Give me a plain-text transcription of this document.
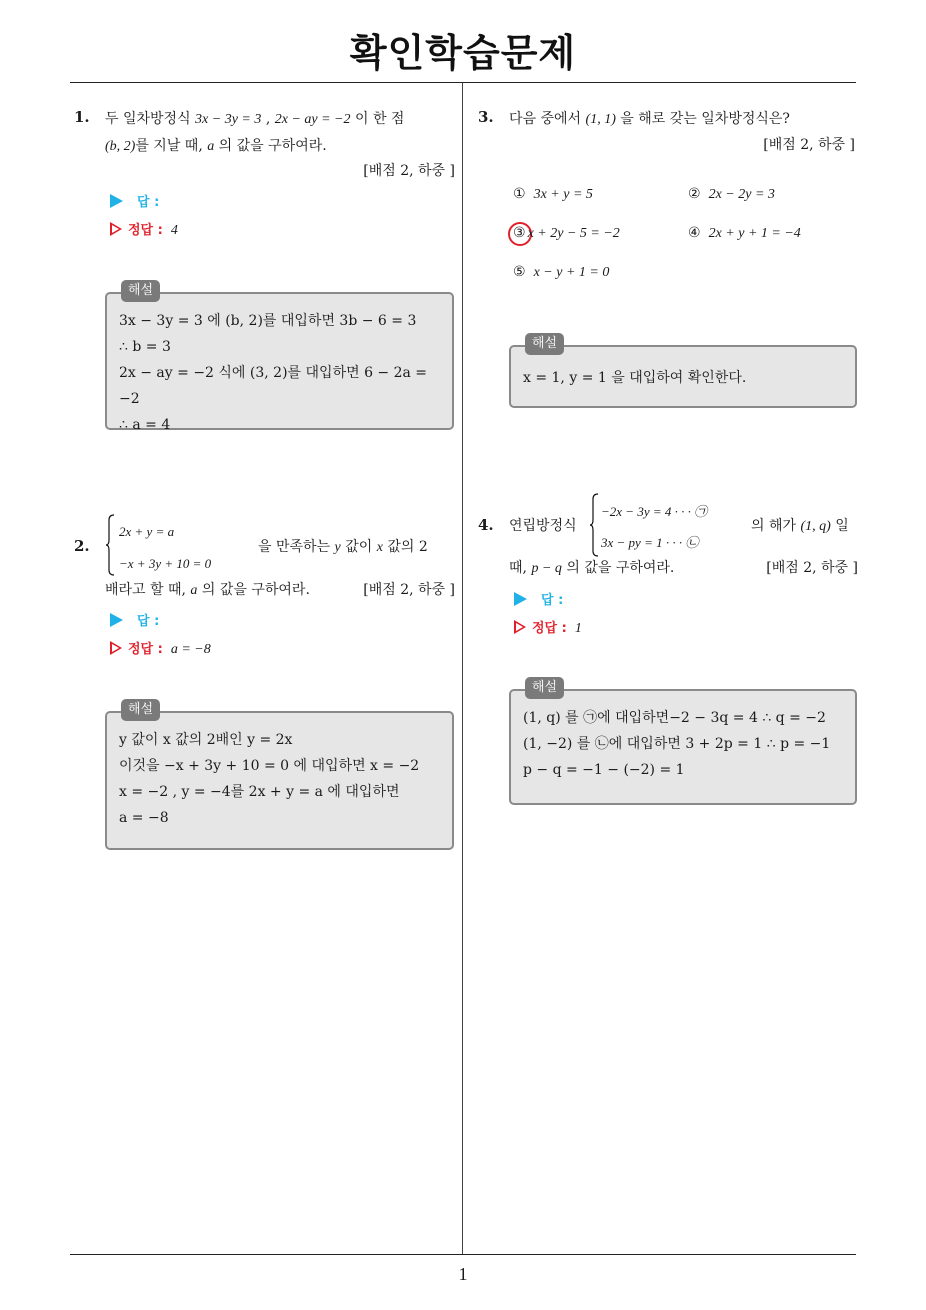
확인학습문제
1. 두 일차방정식 3x − 3y = 3 , 2x − ay = −2 이 한 점
(b, 2)를 지날 때, a 의 값을 구하여라.
[배점 2, 하중 ]
답 :
정답 : 4
해설
3x − 3y = 3 에 (b, 2)를 대입하면 3b − 6 = 3
∴ b = 3
2x − ay = −2 식에 (3, 2)를 대입하면 6 − 2a = −2
∴ a = 4
2.
2x + y = a
−x + 3y + 10 = 0
을 만족하는 y 값이 x 값의 2
배라고 할 때, a 의 값을 구하여라.	[배점 2, 하중 ]
답 :
정답 : a = −8
해설
y 값이 x 값의 2배인 y = 2x
이것을 −x + 3y + 10 = 0 에 대입하면 x = −2
x = −2 , y = −4를 2x + y = a 에 대입하면
a = −8
3. 다음 중에서 (1, 1) 을 해로 갖는 일차방정식은?
[배점 2, 하중 ]
① 3x + y = 5	② 2x − 2y = 3
③ x + 2y − 5 = −2	④ 2x + y + 1 = −4
⑤ x − y + 1 = 0
해설
x = 1, y = 1 을 대입하여 확인한다.
4. 연립방정식
−2x − 3y = 4 · · · ㉠
3x − py = 1 · · · ㉡
의 해가 (1, q) 일
때, p − q 의 값을 구하여라.	[배점 2, 하중 ]
답 :
정답 : 1
해설
(1, q) 를 ㉠에 대입하면−2 − 3q = 4 ∴ q = −2
(1, −2) 를 ㉡에 대입하면 3 + 2p = 1 ∴ p = −1
p − q = −1 − (−2) = 1
1
